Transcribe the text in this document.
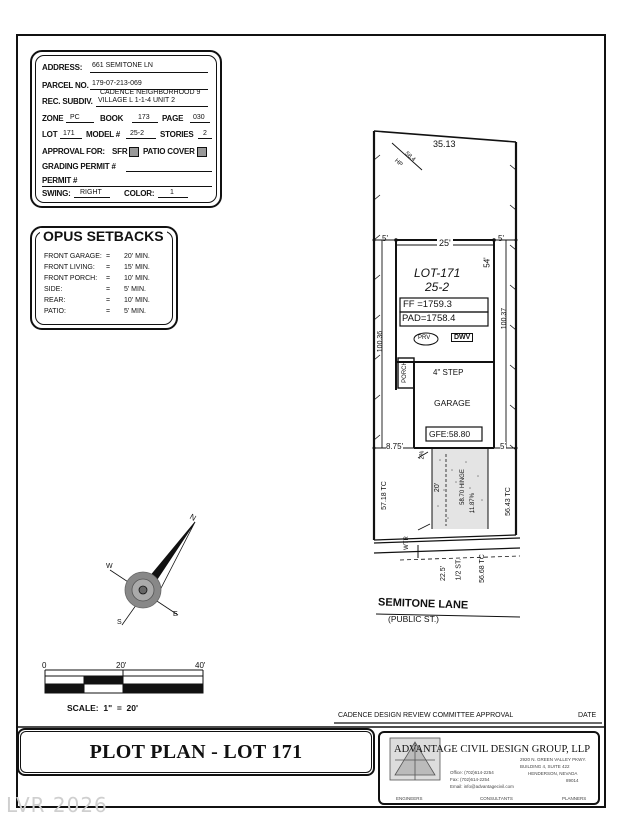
ADDRESS: 661 SEMITONE LN
PARCEL NO. 179-07-213-069
REC. SUBDIV.
CADENCE NEIGHBORHOOD 9
VILLAGE L 1-1-4 UNIT 2
ZONE PC	BOOK 173 PAGE 030
LOT 171 MODEL # 25-2 STORIES 2
APPROVAL FOR: SFR	PATIO COVER
GRADING PERMIT #
PERMIT #
SWING: RIGHT	COLOR: 1
OPUS SETBACKS
FRONT GARAGE: = 20' MIN.
FRONT LIVING: = 15' MIN.
FRONT PORCH: = 10' MIN.
SIDE:	= 5' MIN.
REAR:	= 10' MIN.
PATIO:	= 5' MIN.
35.13
HP 58.4
5'	25'	5'
54'
LOT-171
25-2
FF =1759.3
PAD=1758.4
PRV	DWV
100.36
100.37
PORCH	4" STEP
GARAGE
GFE:58.80
8.75'	5'
57.18 TC	56.43 TC
20'	58.70 HINGE 11.87%
2%
WTR
22.5' 1/2 ST. 56.68 TC
SEMITONE LANE
(PUBLIC ST.)
N
S
E
W
0	20'	40'
SCALE:  1"  =  20'
CADENCE DESIGN REVIEW COMMITTEE APPROVAL	DATE
PLOT PLAN - LOT 171	ADVANTAGE CIVIL DESIGN GROUP, LLP
2920 N. GREEN VALLEY PKWY.
BUILDING 4, SUITE 422
HENDERSON, NEVADA
89014
Office: (702)614-2254
Fax: (702)614-2254
Email: info@advantagecivil.com
ENGINEERS	CONSULTANTS	PLANNERS
LVR 2026
